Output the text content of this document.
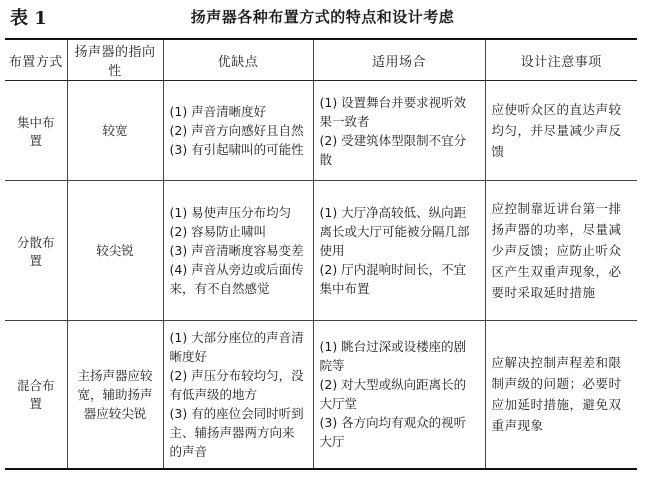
表 1	扬声器各种布置方式的特点和设计考虑
布置方式	扬声器的指向性	优缺点	适用场合	设计注意事项
集中布置	较宽	(1) 声音清晰度好
(2) 声音方向感好且自然
(3) 有引起啸叫的可能性	(1) 设置舞台并要求视听效果一致者
(2) 受建筑体型限制不宜分散	应使听众区的直达声较均匀，并尽量减少声反馈
分散布置	较尖锐	(1) 易使声压分布均匀
(2) 容易防止啸叫
(3) 声音清晰度容易变差
(4) 声音从旁边或后面传来，有不自然感觉	(1) 大厅净高较低、纵向距离长或大厅可能被分隔几部使用
(2) 厅内混响时间长，不宜集中布置	应控制靠近讲台第一排扬声器的功率，尽量减少声反馈；应防止听众区产生双重声现象，必要时采取延时措施
混合布置	主扬声器应较宽，辅助扬声器应较尖锐	(1) 大部分座位的声音清晰度好
(2) 声压分布较均匀，没有低声级的地方
(3) 有的座位会同时听到主、辅扬声器两方向来的声音	(1) 眺台过深或设楼座的剧院等
(2) 对大型或纵向距离长的大厅堂
(3) 各方向均有观众的视听大厅	应解决控制声程差和限制声级的问题；必要时应加延时措施，避免双重声现象
